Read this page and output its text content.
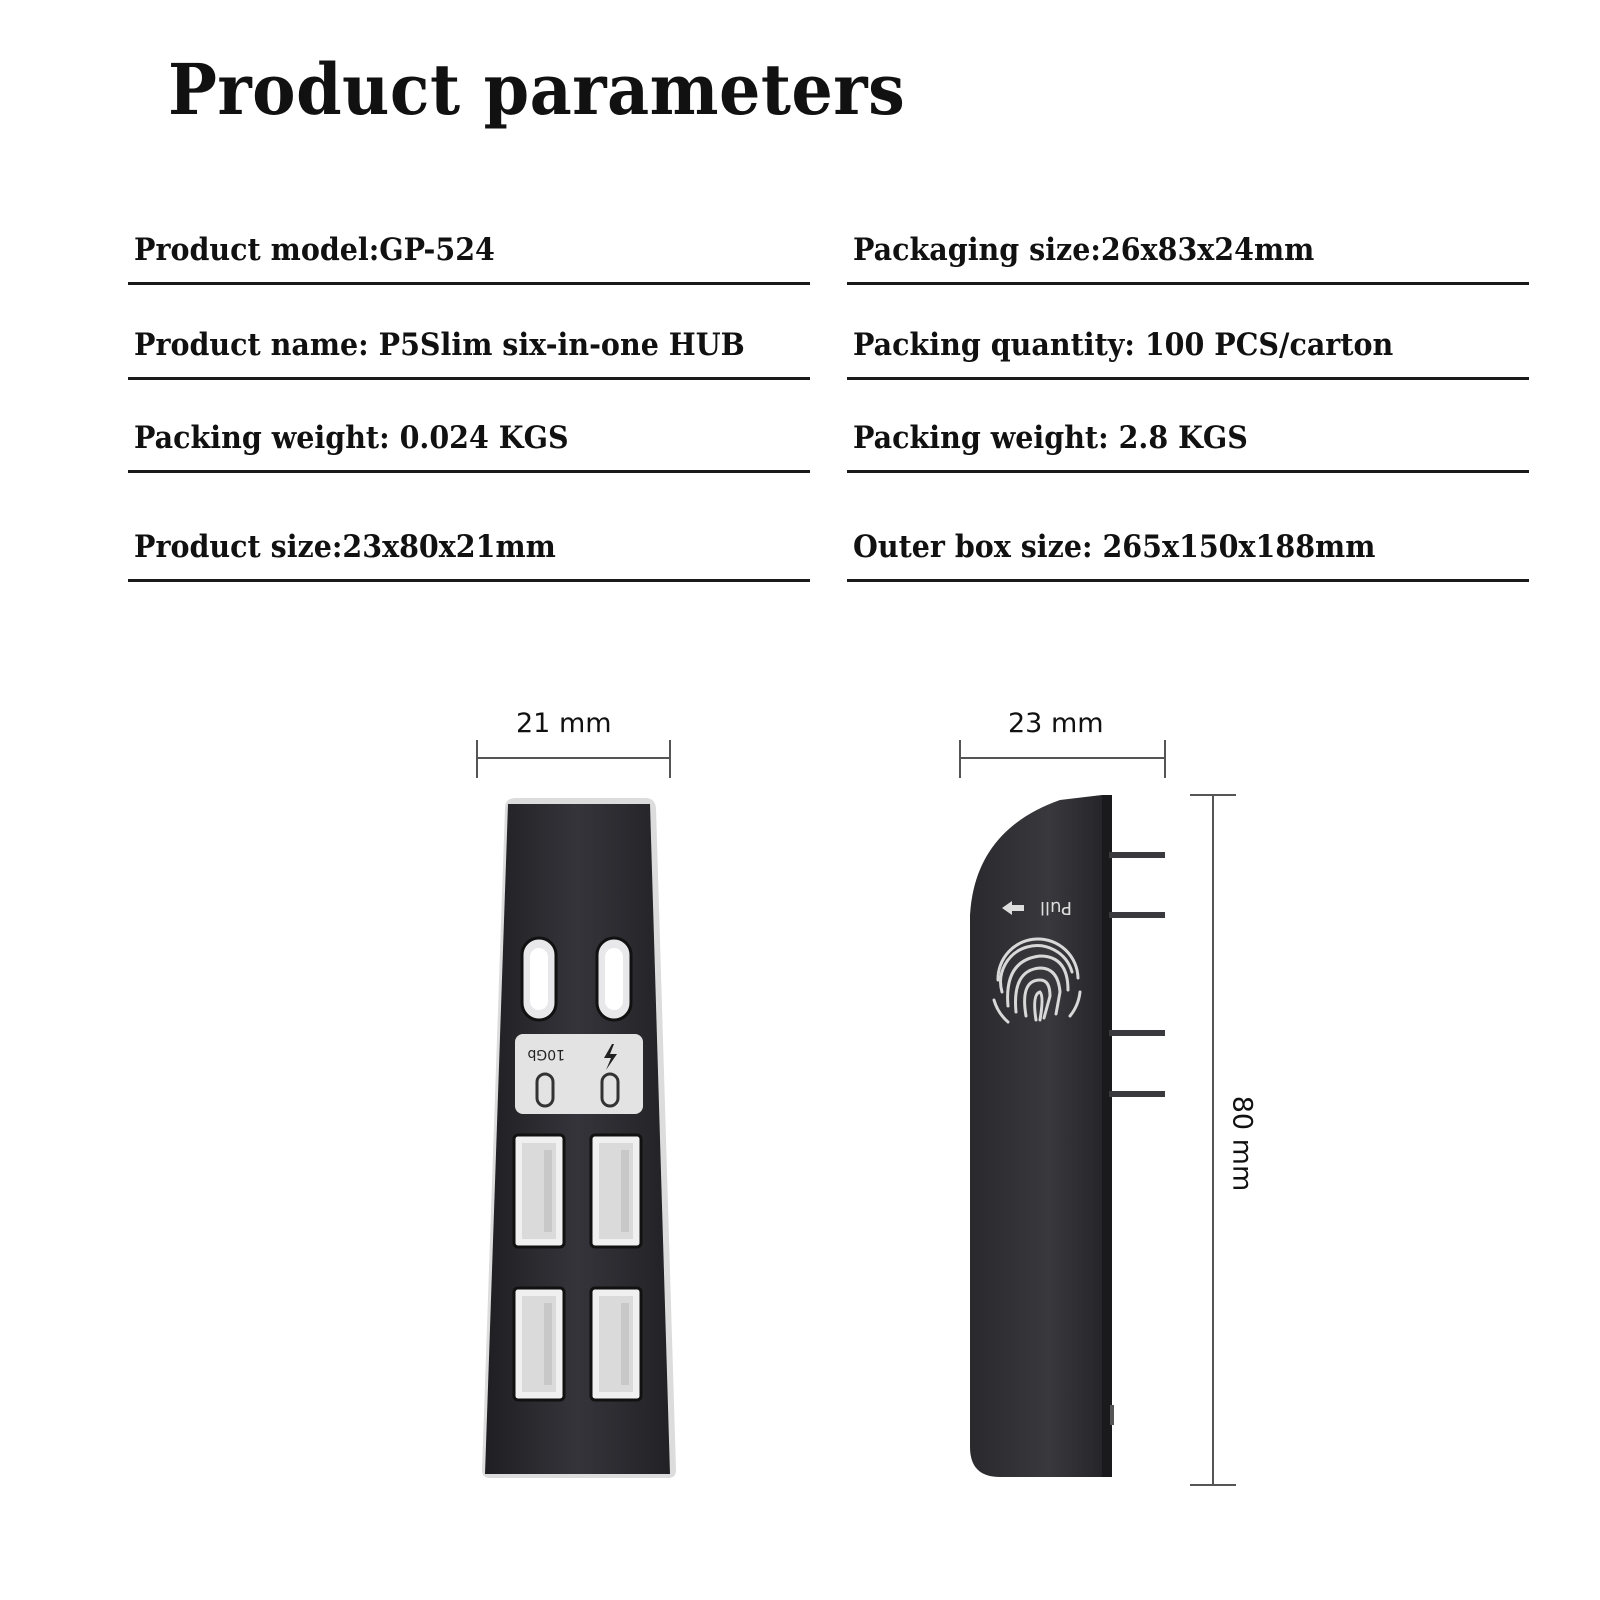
Product parameters
Product model:GP-524
Product name: P5Slim six-in-one HUB
Packing weight: 0.024 KGS
Product size:23x80x21mm
Packaging size:26x83x24mm
Packing quantity: 100 PCS/carton
Packing weight: 2.8 KGS
Outer box size: 265x150x188mm
21 mm	23 mm
80 mm
10Gb
Pull
